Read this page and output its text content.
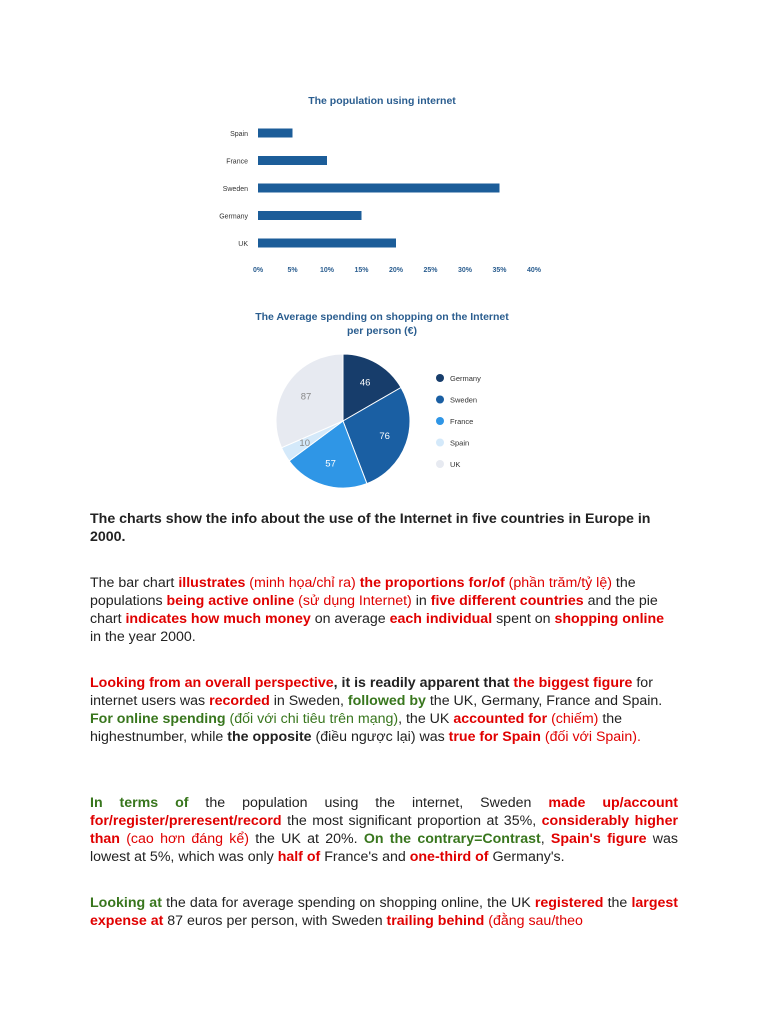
The population using internet
Spain
France
Sweden
Germany
UK
0%	5%	10%	15%	20%	25%	30%	35%	40%
The Average spending on shopping on the Internet
per person (€)
46
76
57
10
87
Germany
Sweden
France
Spain
UK

The charts show the info about the use of the Internet in five countries in Europe in 2000.

The bar chart illustrates (minh họa/chỉ ra) the proportions for/of (phần trăm/tỷ lệ) the populations being active online (sử dụng Internet) in five different countries and the pie chart indicates how much money on average each individual spent on shopping online in the year 2000.

Looking from an overall perspective, it is readily apparent that the biggest figure for internet users was recorded in Sweden, followed by the UK, Germany, France and Spain. For online spending (đối với chi tiêu trên mạng), the UK accounted for (chiếm) the highestnumber, while the opposite (điều ngược lại) was true for Spain (đối với Spain).

In terms of the population using the internet, Sweden made up/account for/register/preresent/record the most significant proportion at 35%, considerably higher than (cao hơn đáng kể) the UK at 20%. On the contrary=Contrast, Spain's figure was lowest at 5%, which was only half of France's and one-third of Germany's.

Looking at the data for average spending on shopping online, the UK registered the largest expense at 87 euros per person, with Sweden trailing behind (đằng sau/theo
